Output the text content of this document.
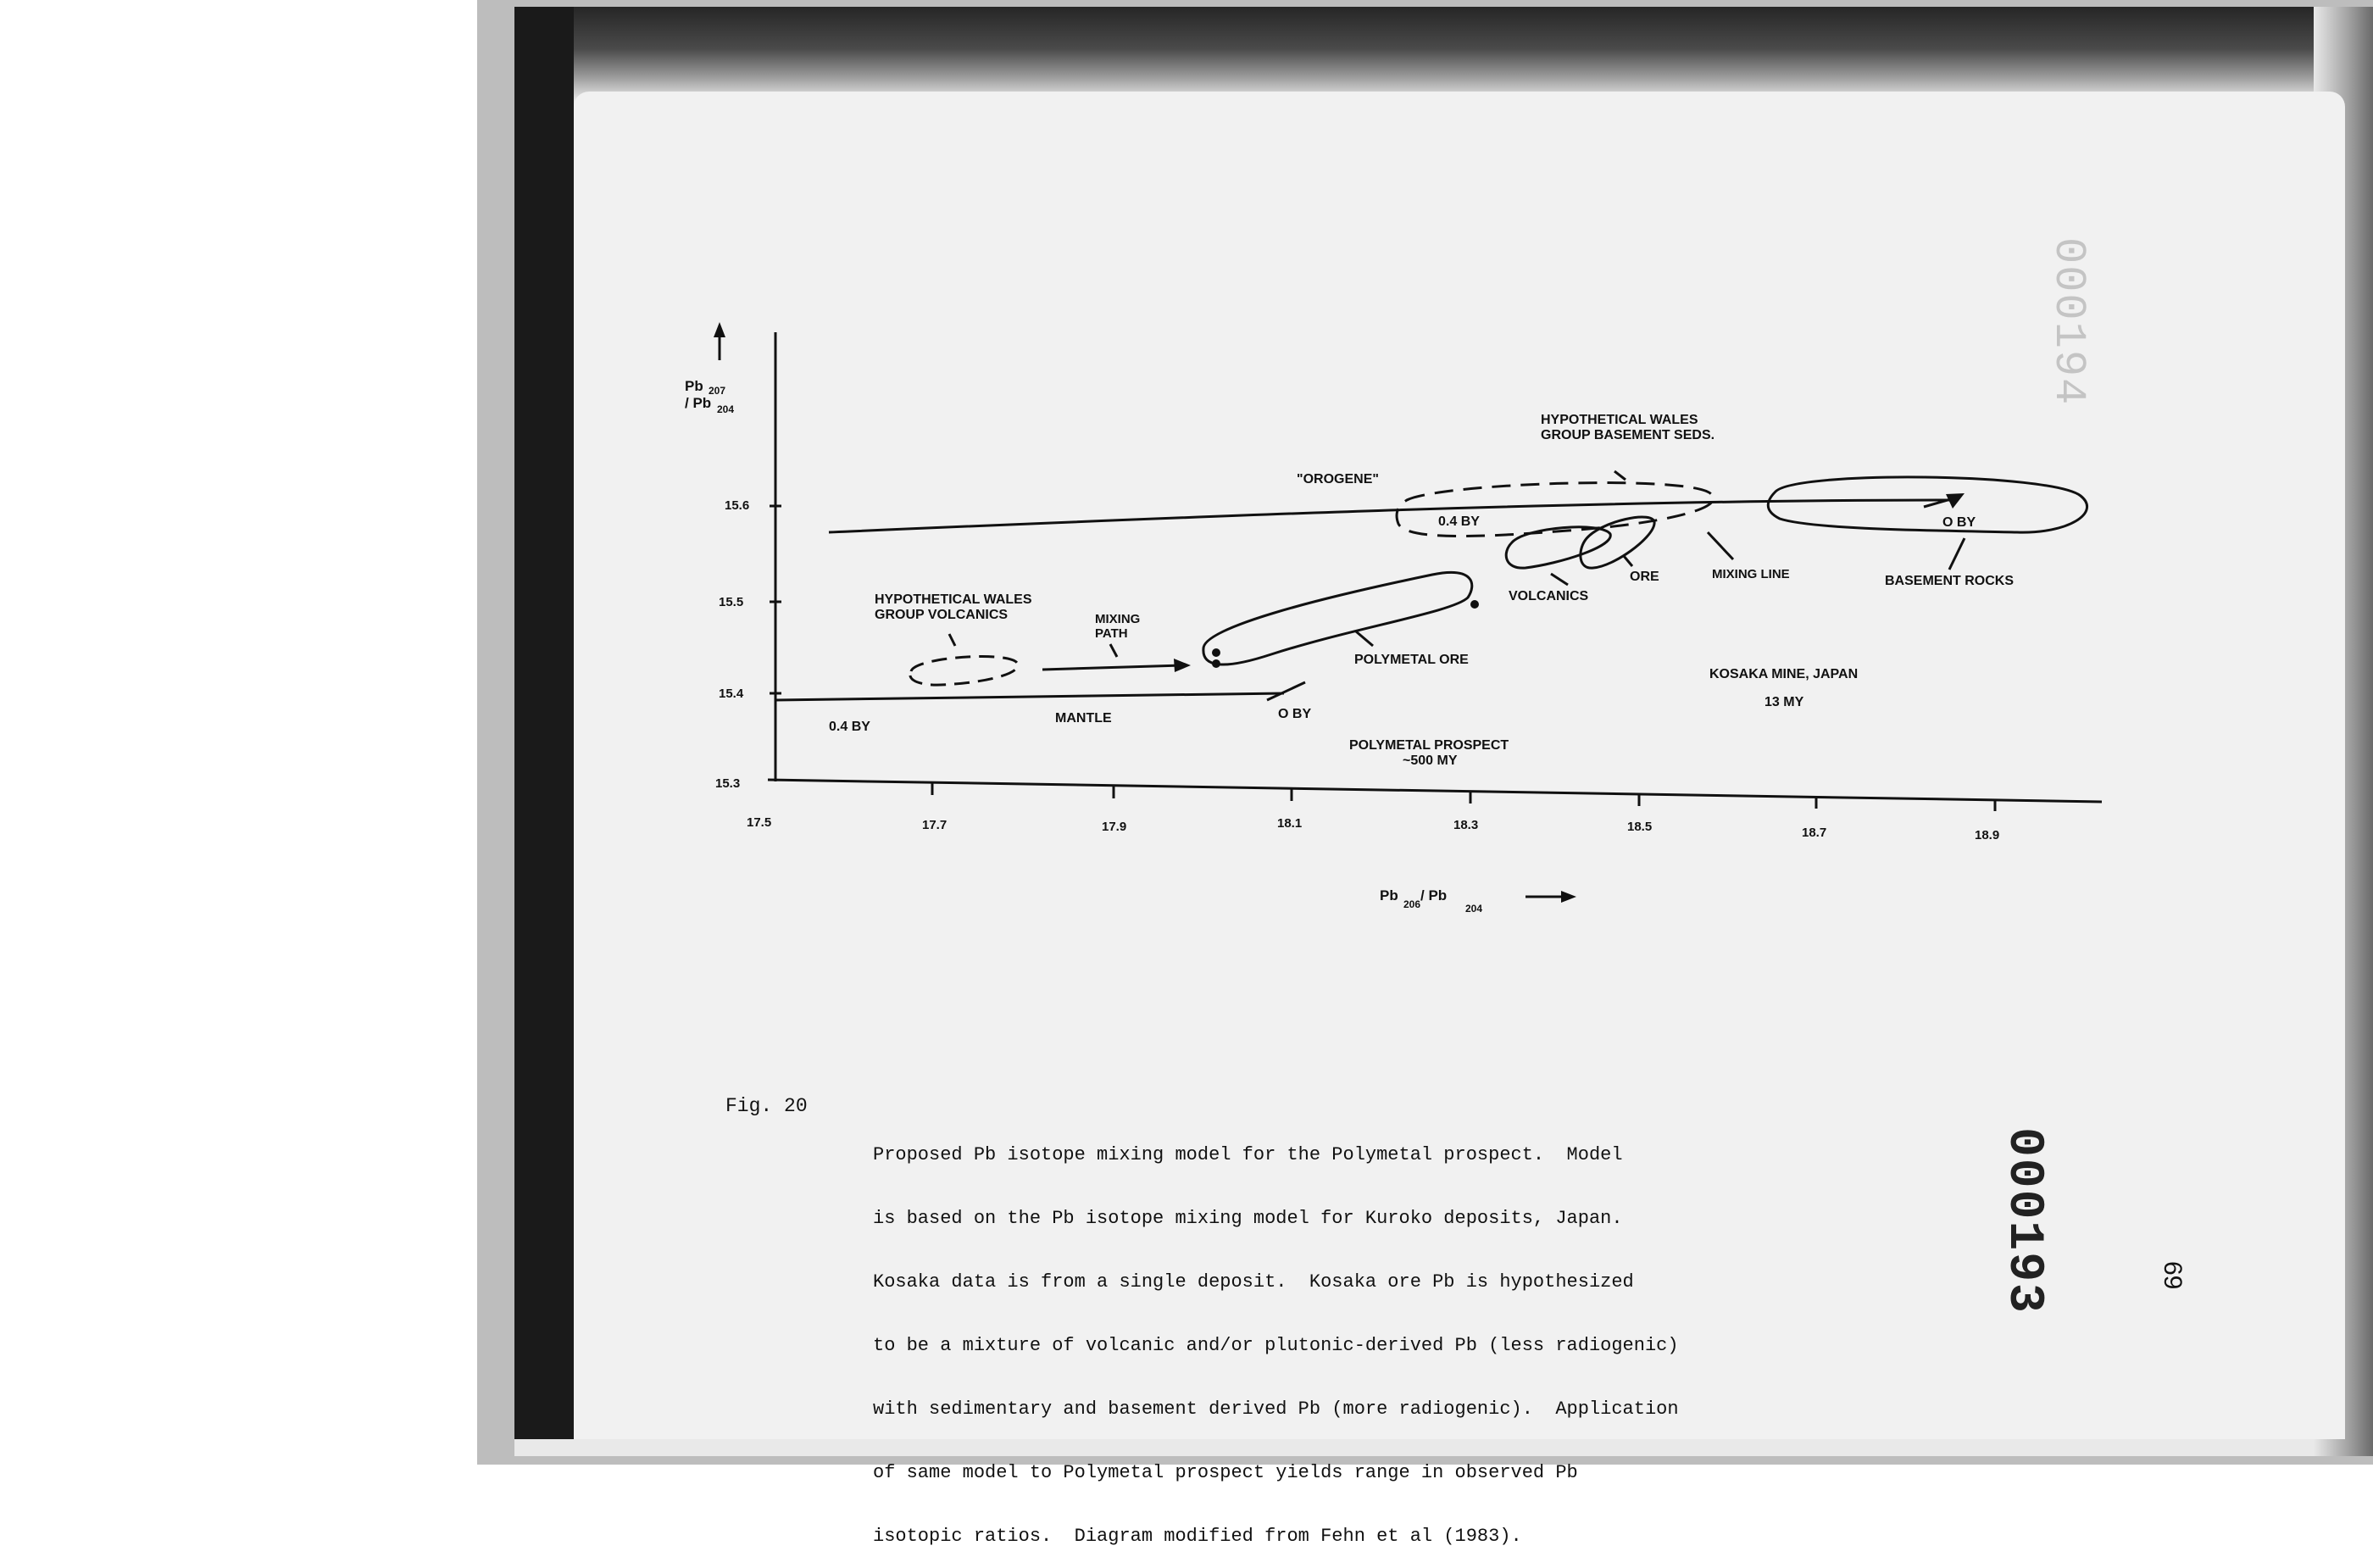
000194
Pb 207
/ Pb 204
15.6
15.5
15.4
15.3
17.5	17.7	17.9	18.1	18.3	18.5	18.7	18.9
Pb
206
/ Pb
204
HYPOTHETICAL WALES
GROUP BASEMENT SEDS.
"OROGENE"
0.4 BY	O BY
BASEMENT ROCKS
MIXING LINE
ORE
VOLCANICS
HYPOTHETICAL WALES
GROUP VOLCANICS	MIXING
PATH
POLYMETAL ORE
KOSAKA MINE, JAPAN
13 MY
0.4 BY
MANTLE	O BY
POLYMETAL PROSPECT
~500 MY
Fig. 20

Proposed Pb isotope mixing model for the Polymetal prospect.  Model

is based on the Pb isotope mixing model for Kuroko deposits, Japan.

Kosaka data is from a single deposit.  Kosaka ore Pb is hypothesized

to be a mixture of volcanic and/or plutonic-derived Pb (less radiogenic)

with sedimentary and basement derived Pb (more radiogenic).  Application

of same model to Polymetal prospect yields range in observed Pb

isotopic ratios.  Diagram modified from Fehn et al (1983).

000193	69
